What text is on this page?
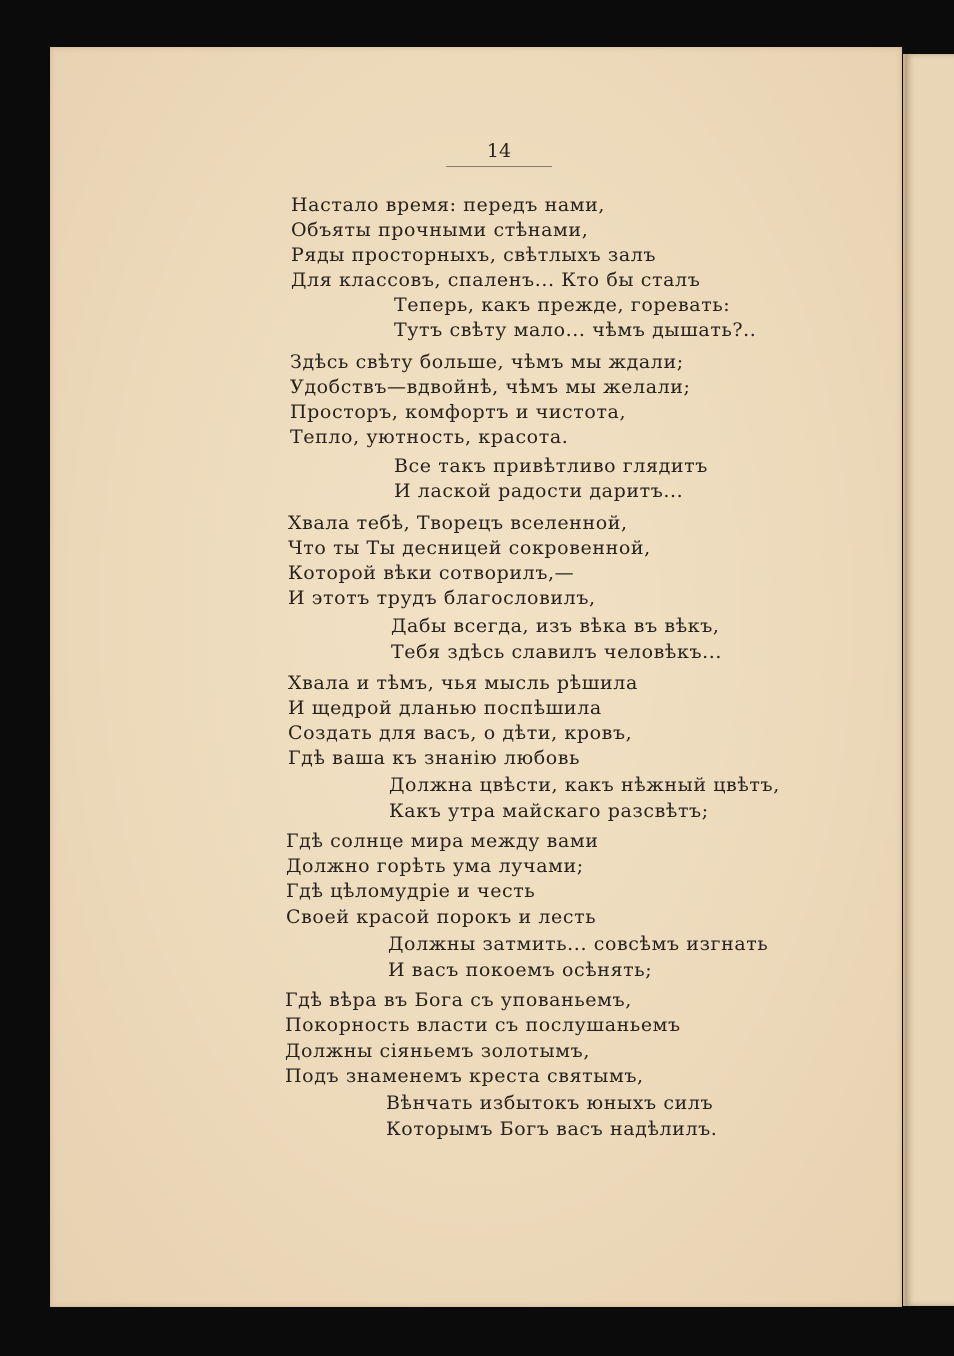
14
Настало время: передъ нами,
Объяты прочными стѣнами,
Ряды просторныхъ, свѣтлыхъ залъ
Для классовъ, спаленъ... Кто бы сталъ
Теперь, какъ прежде, горевать:
Тутъ свѣту мало... чѣмъ дышать?..
Здѣсь свѣту больше, чѣмъ мы ждали;
Удобствъ—вдвойнѣ, чѣмъ мы желали;
Просторъ, комфортъ и чистота,
Тепло, уютность, красота.
Все такъ привѣтливо глядитъ
И лаской радости даритъ...
Хвала тебѣ, Творецъ вселенной,
Что ты Ты десницей сокровенной,
Которой вѣки сотворилъ,—
И этотъ трудъ благословилъ,
Дабы всегда, изъ вѣка въ вѣкъ,
Тебя здѣсь славилъ человѣкъ...
Хвала и тѣмъ, чья мысль рѣшила
И щедрой дланью поспѣшила
Создать для васъ, о дѣти, кровъ,
Гдѣ ваша къ знанію любовь
Должна цвѣсти, какъ нѣжный цвѣтъ,
Какъ утра майскаго разсвѣтъ;
Гдѣ солнце мира между вами
Должно горѣть ума лучами;
Гдѣ цѣломудріе и честь
Своей красой порокъ и лесть
Должны затмить... совсѣмъ изгнать
И васъ покоемъ осѣнять;
Гдѣ вѣра въ Бога съ упованьемъ,
Покорность власти съ послушаньемъ
Должны сіяньемъ золотымъ,
Подъ знаменемъ креста святымъ,
Вѣнчать избытокъ юныхъ силъ
Которымъ Богъ васъ надѣлилъ.
